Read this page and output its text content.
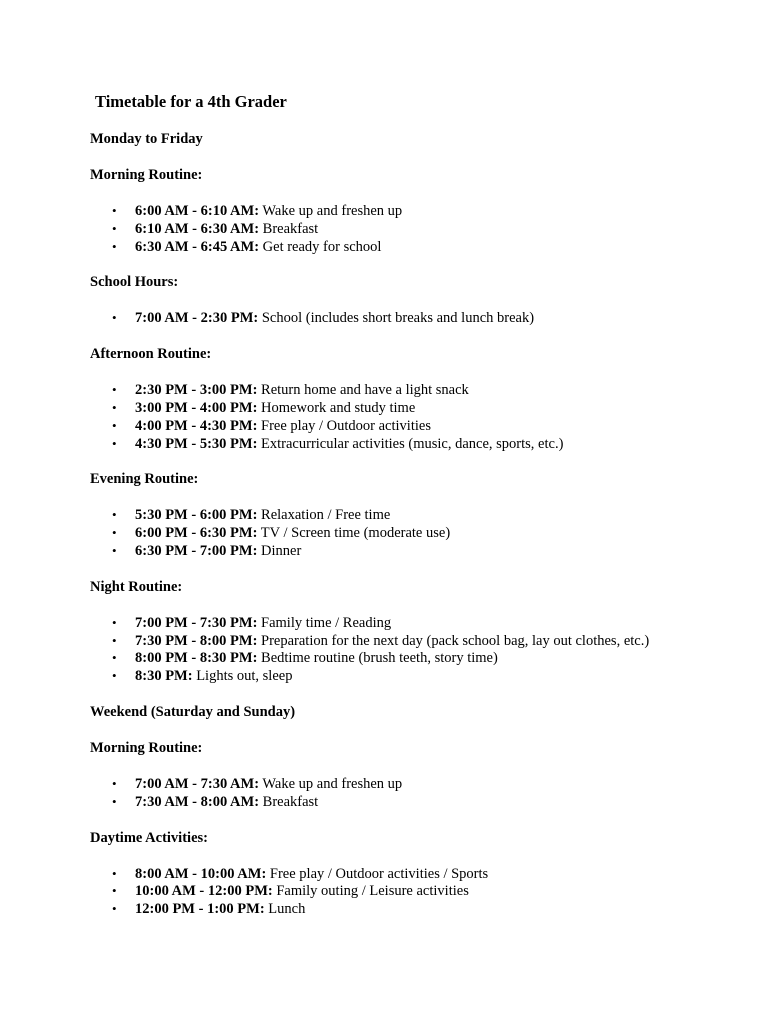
Timetable for a 4th Grader

Monday to Friday

Morning Routine:

• 6:00 AM - 6:10 AM: Wake up and freshen up
• 6:10 AM - 6:30 AM: Breakfast
• 6:30 AM - 6:45 AM: Get ready for school

School Hours:

• 7:00 AM - 2:30 PM: School (includes short breaks and lunch break)

Afternoon Routine:

• 2:30 PM - 3:00 PM: Return home and have a light snack
• 3:00 PM - 4:00 PM: Homework and study time
• 4:00 PM - 4:30 PM: Free play / Outdoor activities
• 4:30 PM - 5:30 PM: Extracurricular activities (music, dance, sports, etc.)

Evening Routine:

• 5:30 PM - 6:00 PM: Relaxation / Free time
• 6:00 PM - 6:30 PM: TV / Screen time (moderate use)
• 6:30 PM - 7:00 PM: Dinner

Night Routine:

• 7:00 PM - 7:30 PM: Family time / Reading
• 7:30 PM - 8:00 PM: Preparation for the next day (pack school bag, lay out clothes, etc.)
• 8:00 PM - 8:30 PM: Bedtime routine (brush teeth, story time)
• 8:30 PM: Lights out, sleep

Weekend (Saturday and Sunday)

Morning Routine:

• 7:00 AM - 7:30 AM: Wake up and freshen up
• 7:30 AM - 8:00 AM: Breakfast

Daytime Activities:

• 8:00 AM - 10:00 AM: Free play / Outdoor activities / Sports
• 10:00 AM - 12:00 PM: Family outing / Leisure activities
• 12:00 PM - 1:00 PM: Lunch
